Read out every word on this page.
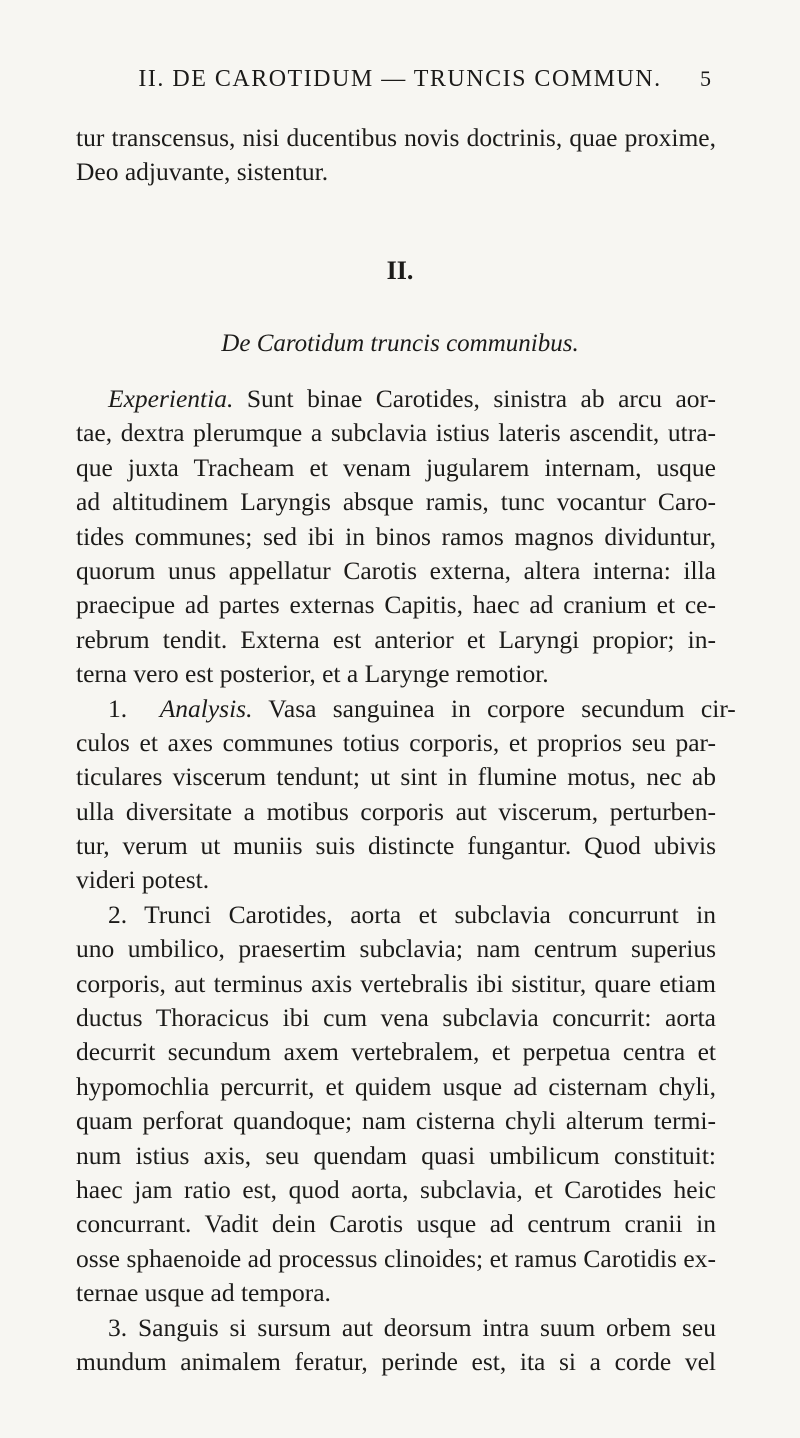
II. DE CAROTIDUM — TRUNCIS COMMUN.	5
tur transcensus, nisi ducentibus novis doctrinis, quae proxime,
Deo adjuvante, sistentur.
II.
De Carotidum truncis communibus.
Experientia. Sunt binae Carotides, sinistra ab arcu aor-
tae, dextra plerumque a subclavia istius lateris ascendit, utra-
que juxta Tracheam et venam jugularem internam, usque
ad altitudinem Laryngis absque ramis, tunc vocantur Caro-
tides communes; sed ibi in binos ramos magnos dividuntur,
quorum unus appellatur Carotis externa, altera interna: illa
praecipue ad partes externas Capitis, haec ad cranium et ce-
rebrum tendit. Externa est anterior et Laryngi propior; in-
terna vero est posterior, et a Larynge remotior.
1. Analysis. Vasa sanguinea in corpore secundum cir-
culos et axes communes totius corporis, et proprios seu par-
ticulares viscerum tendunt; ut sint in flumine motus, nec ab
ulla diversitate a motibus corporis aut viscerum, perturben-
tur, verum ut muniis suis distincte fungantur. Quod ubivis
videri potest.
2. Trunci Carotides, aorta et subclavia concurrunt in
uno umbilico, praesertim subclavia; nam centrum superius
corporis, aut terminus axis vertebralis ibi sistitur, quare etiam
ductus Thoracicus ibi cum vena subclavia concurrit: aorta
decurrit secundum axem vertebralem, et perpetua centra et
hypomochlia percurrit, et quidem usque ad cisternam chyli,
quam perforat quandoque; nam cisterna chyli alterum termi-
num istius axis, seu quendam quasi umbilicum constituit:
haec jam ratio est, quod aorta, subclavia, et Carotides heic
concurrant. Vadit dein Carotis usque ad centrum cranii in
osse sphaenoide ad processus clinoides; et ramus Carotidis ex-
ternae usque ad tempora.
3. Sanguis si sursum aut deorsum intra suum orbem seu
mundum animalem feratur, perinde est, ita si a corde vel
